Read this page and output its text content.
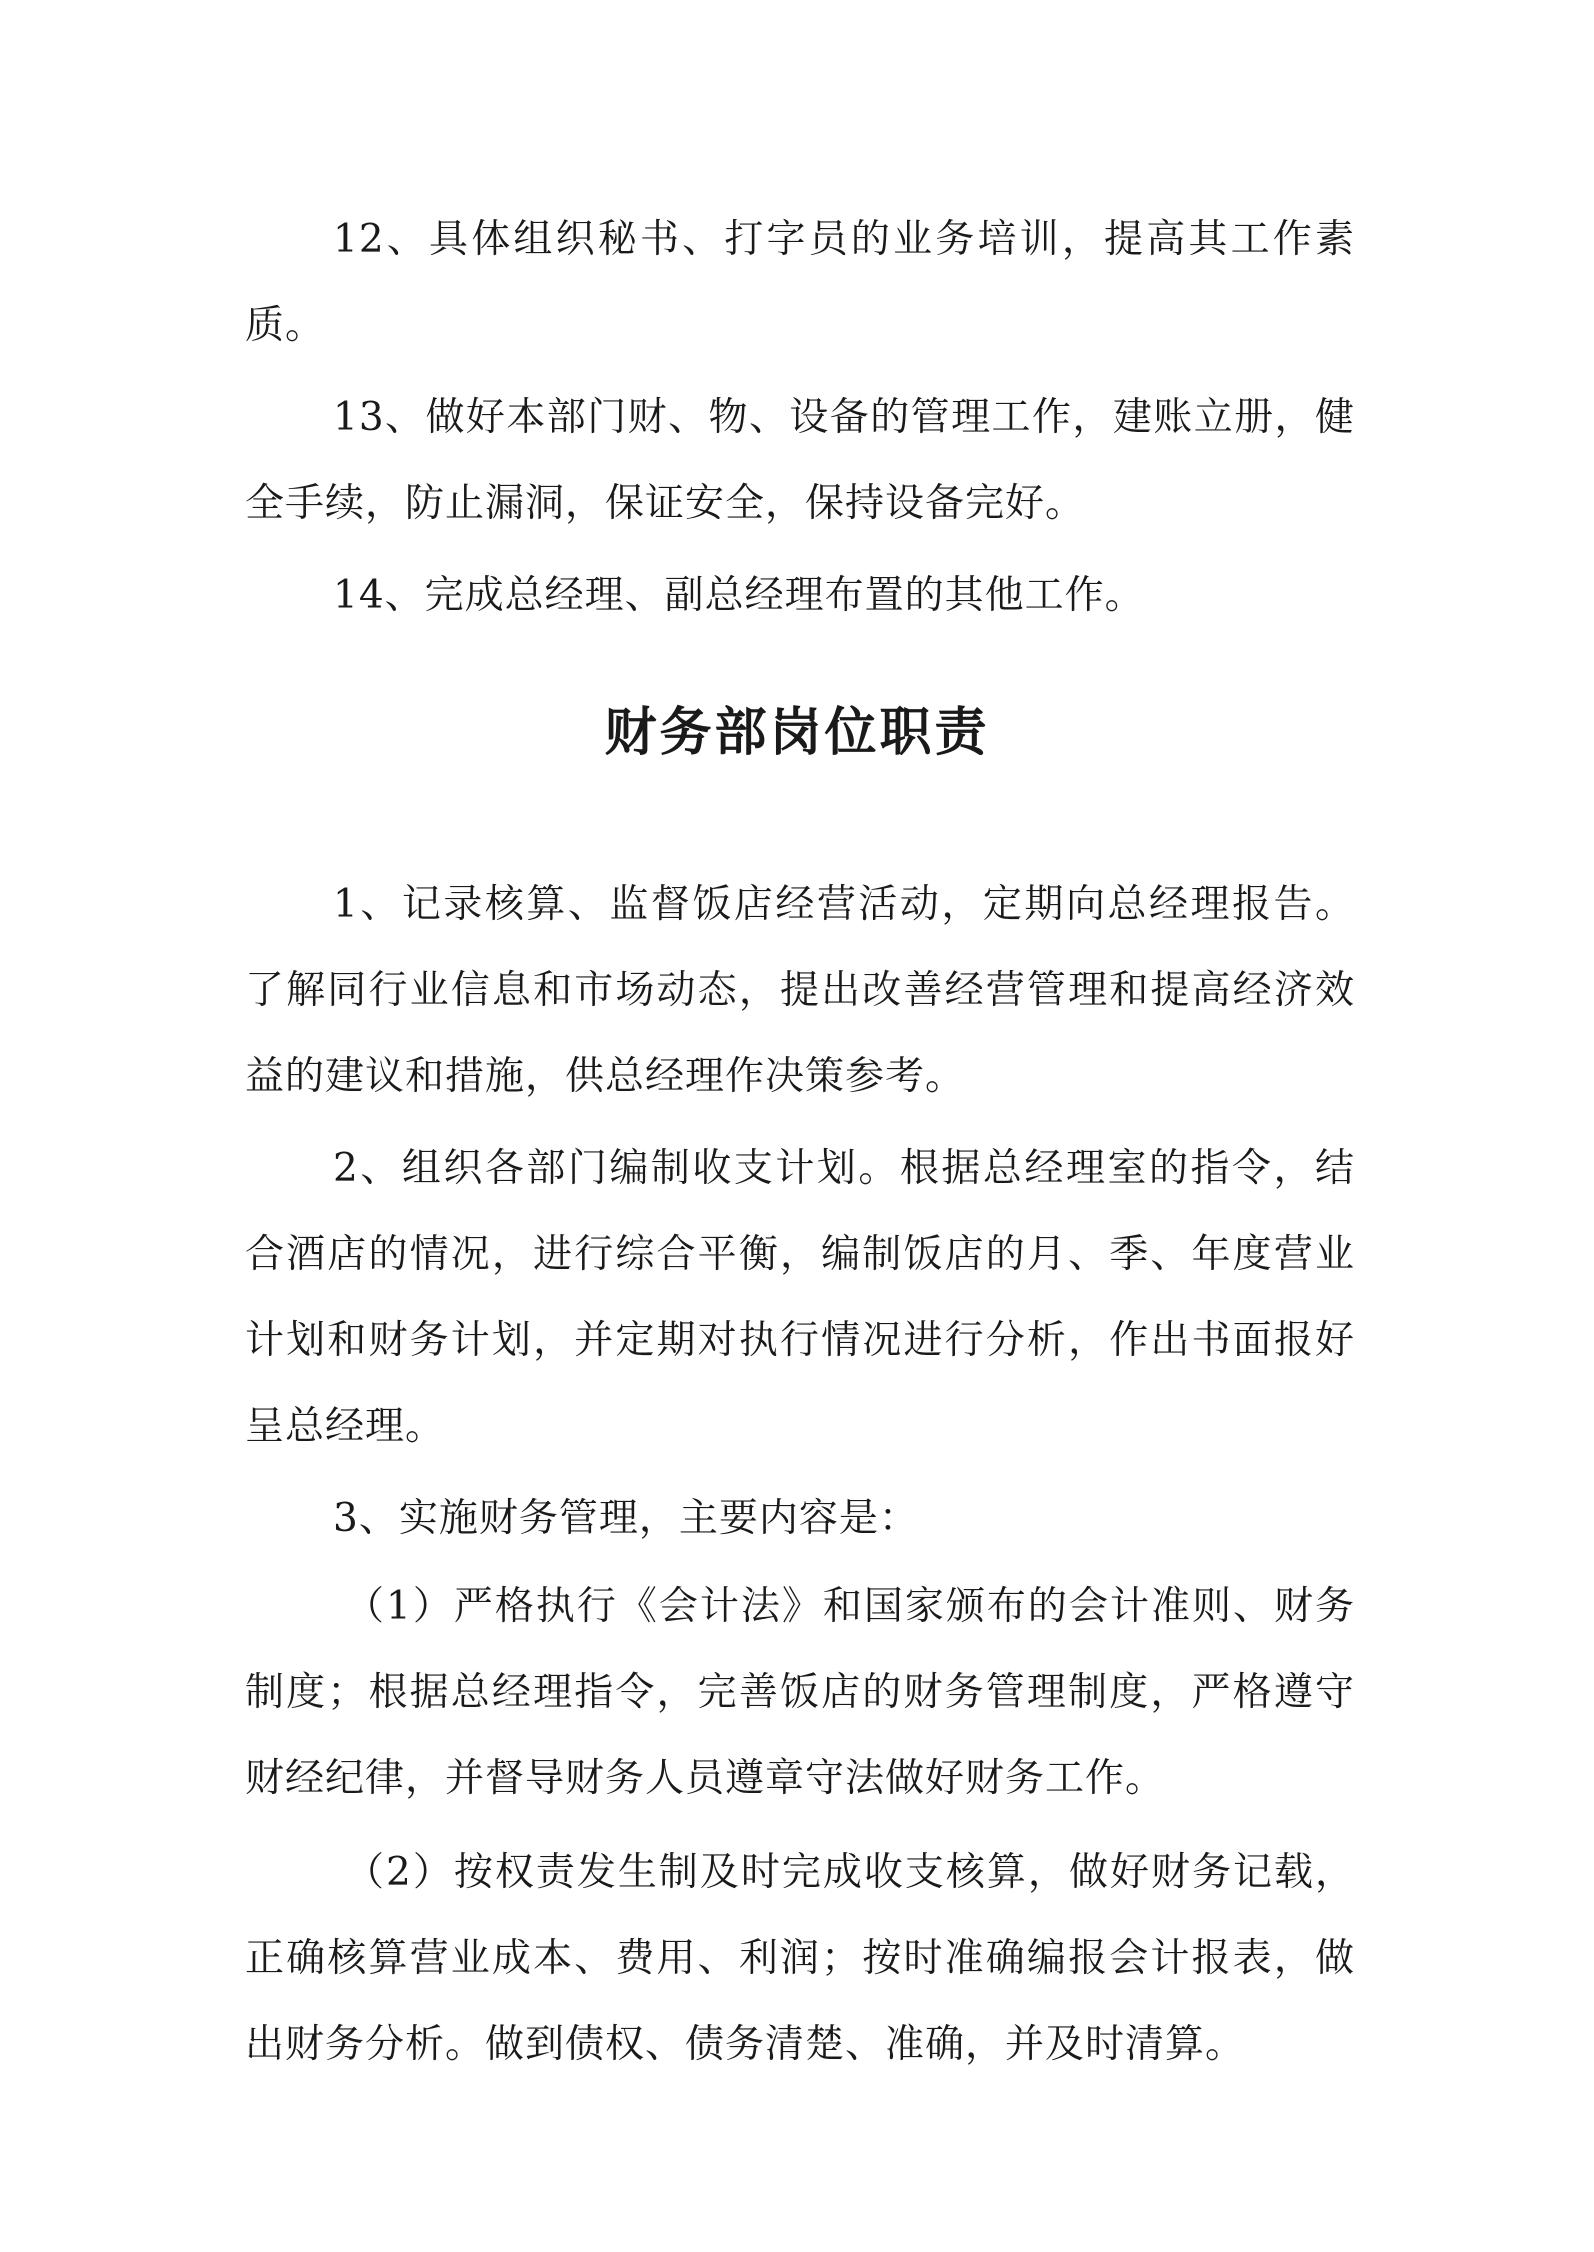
12、具体组织秘书、打字员的业务培训，提高其工作素质。

13、做好本部门财、物、设备的管理工作，建账立册，健全手续，防止漏洞，保证安全，保持设备完好。

14、完成总经理、副总经理布置的其他工作。

财务部岗位职责

1、记录核算、监督饭店经营活动，定期向总经理报告。了解同行业信息和市场动态，提出改善经营管理和提高经济效益的建议和措施，供总经理作决策参考。

2、组织各部门编制收支计划。根据总经理室的指令，结合酒店的情况，进行综合平衡，编制饭店的月、季、年度营业计划和财务计划，并定期对执行情况进行分析，作出书面报好呈总经理。

3、实施财务管理，主要内容是：

（1）严格执行《会计法》和国家颁布的会计准则、财务制度；根据总经理指令，完善饭店的财务管理制度，严格遵守财经纪律，并督导财务人员遵章守法做好财务工作。

（2）按权责发生制及时完成收支核算，做好财务记载，正确核算营业成本、费用、利润；按时准确编报会计报表，做出财务分析。做到债权、债务清楚、准确，并及时清算。
